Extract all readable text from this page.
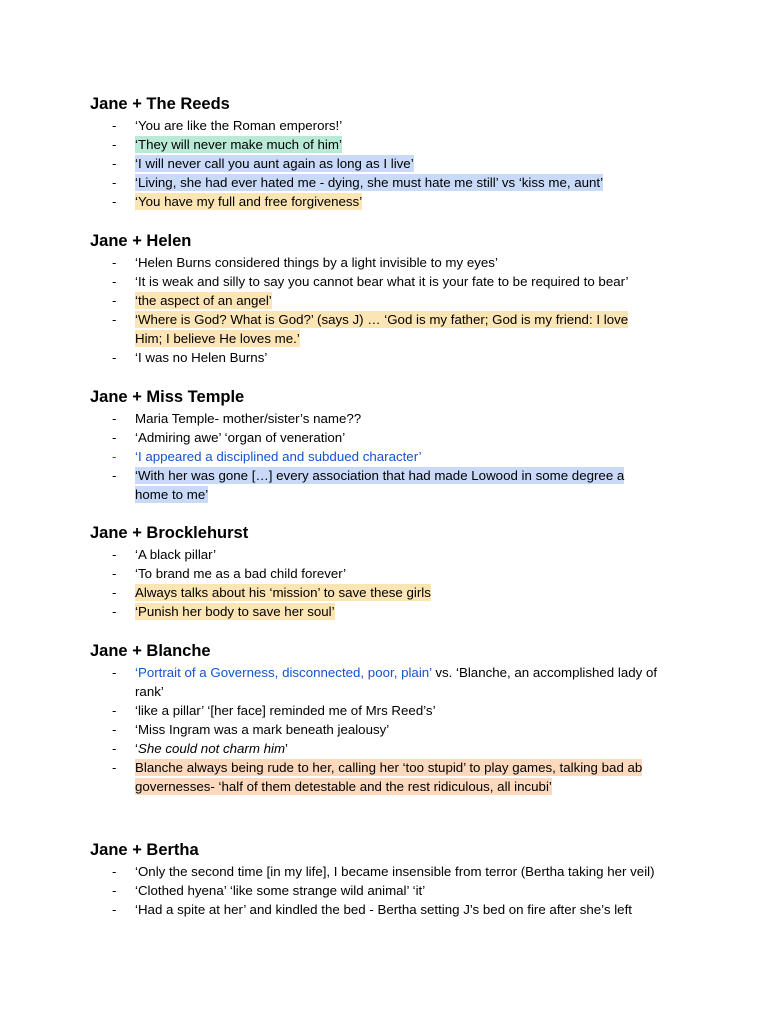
Jane + The Reeds
- ‘You are like the Roman emperors!’
- ‘They will never make much of him’
- ‘I will never call you aunt again as long as I live’
- ‘Living, she had ever hated me - dying, she must hate me still’ vs ‘kiss me, aunt’
- ‘You have my full and free forgiveness’
Jane + Helen
- ‘Helen Burns considered things by a light invisible to my eyes’
- ‘It is weak and silly to say you cannot bear what it is your fate to be required to bear’
- ‘the aspect of an angel’
- ‘Where is God? What is God?’ (says J) … ‘God is my father; God is my friend: I love
Him; I believe He loves me.’
- ‘I was no Helen Burns’
Jane + Miss Temple
- Maria Temple- mother/sister’s name??
- ‘Admiring awe’ ‘organ of veneration’
- ‘I appeared a disciplined and subdued character’
- ‘With her was gone […] every association that had made Lowood in some degree a
home to me’
Jane + Brocklehurst
- ‘A black pillar’
- ‘To brand me as a bad child forever’
- Always talks about his ‘mission’ to save these girls
- ‘Punish her body to save her soul’
Jane + Blanche
- ‘Portrait of a Governess, disconnected, poor, plain’ vs. ‘Blanche, an accomplished lady of
rank’
- ‘like a pillar’ ‘[her face] reminded me of Mrs Reed’s’
- ‘Miss Ingram was a mark beneath jealousy’
- ‘She could not charm him’
- Blanche always being rude to her, calling her ‘too stupid’ to play games, talking bad ab
governesses- ‘half of them detestable and the rest ridiculous, all incubi’
Jane + Bertha
- ‘Only the second time [in my life], I became insensible from terror (Bertha taking her veil)
- ‘Clothed hyena’ ‘like some strange wild animal’ ‘it’
- ‘Had a spite at her’ and kindled the bed - Bertha setting J’s bed on fire after she’s left
